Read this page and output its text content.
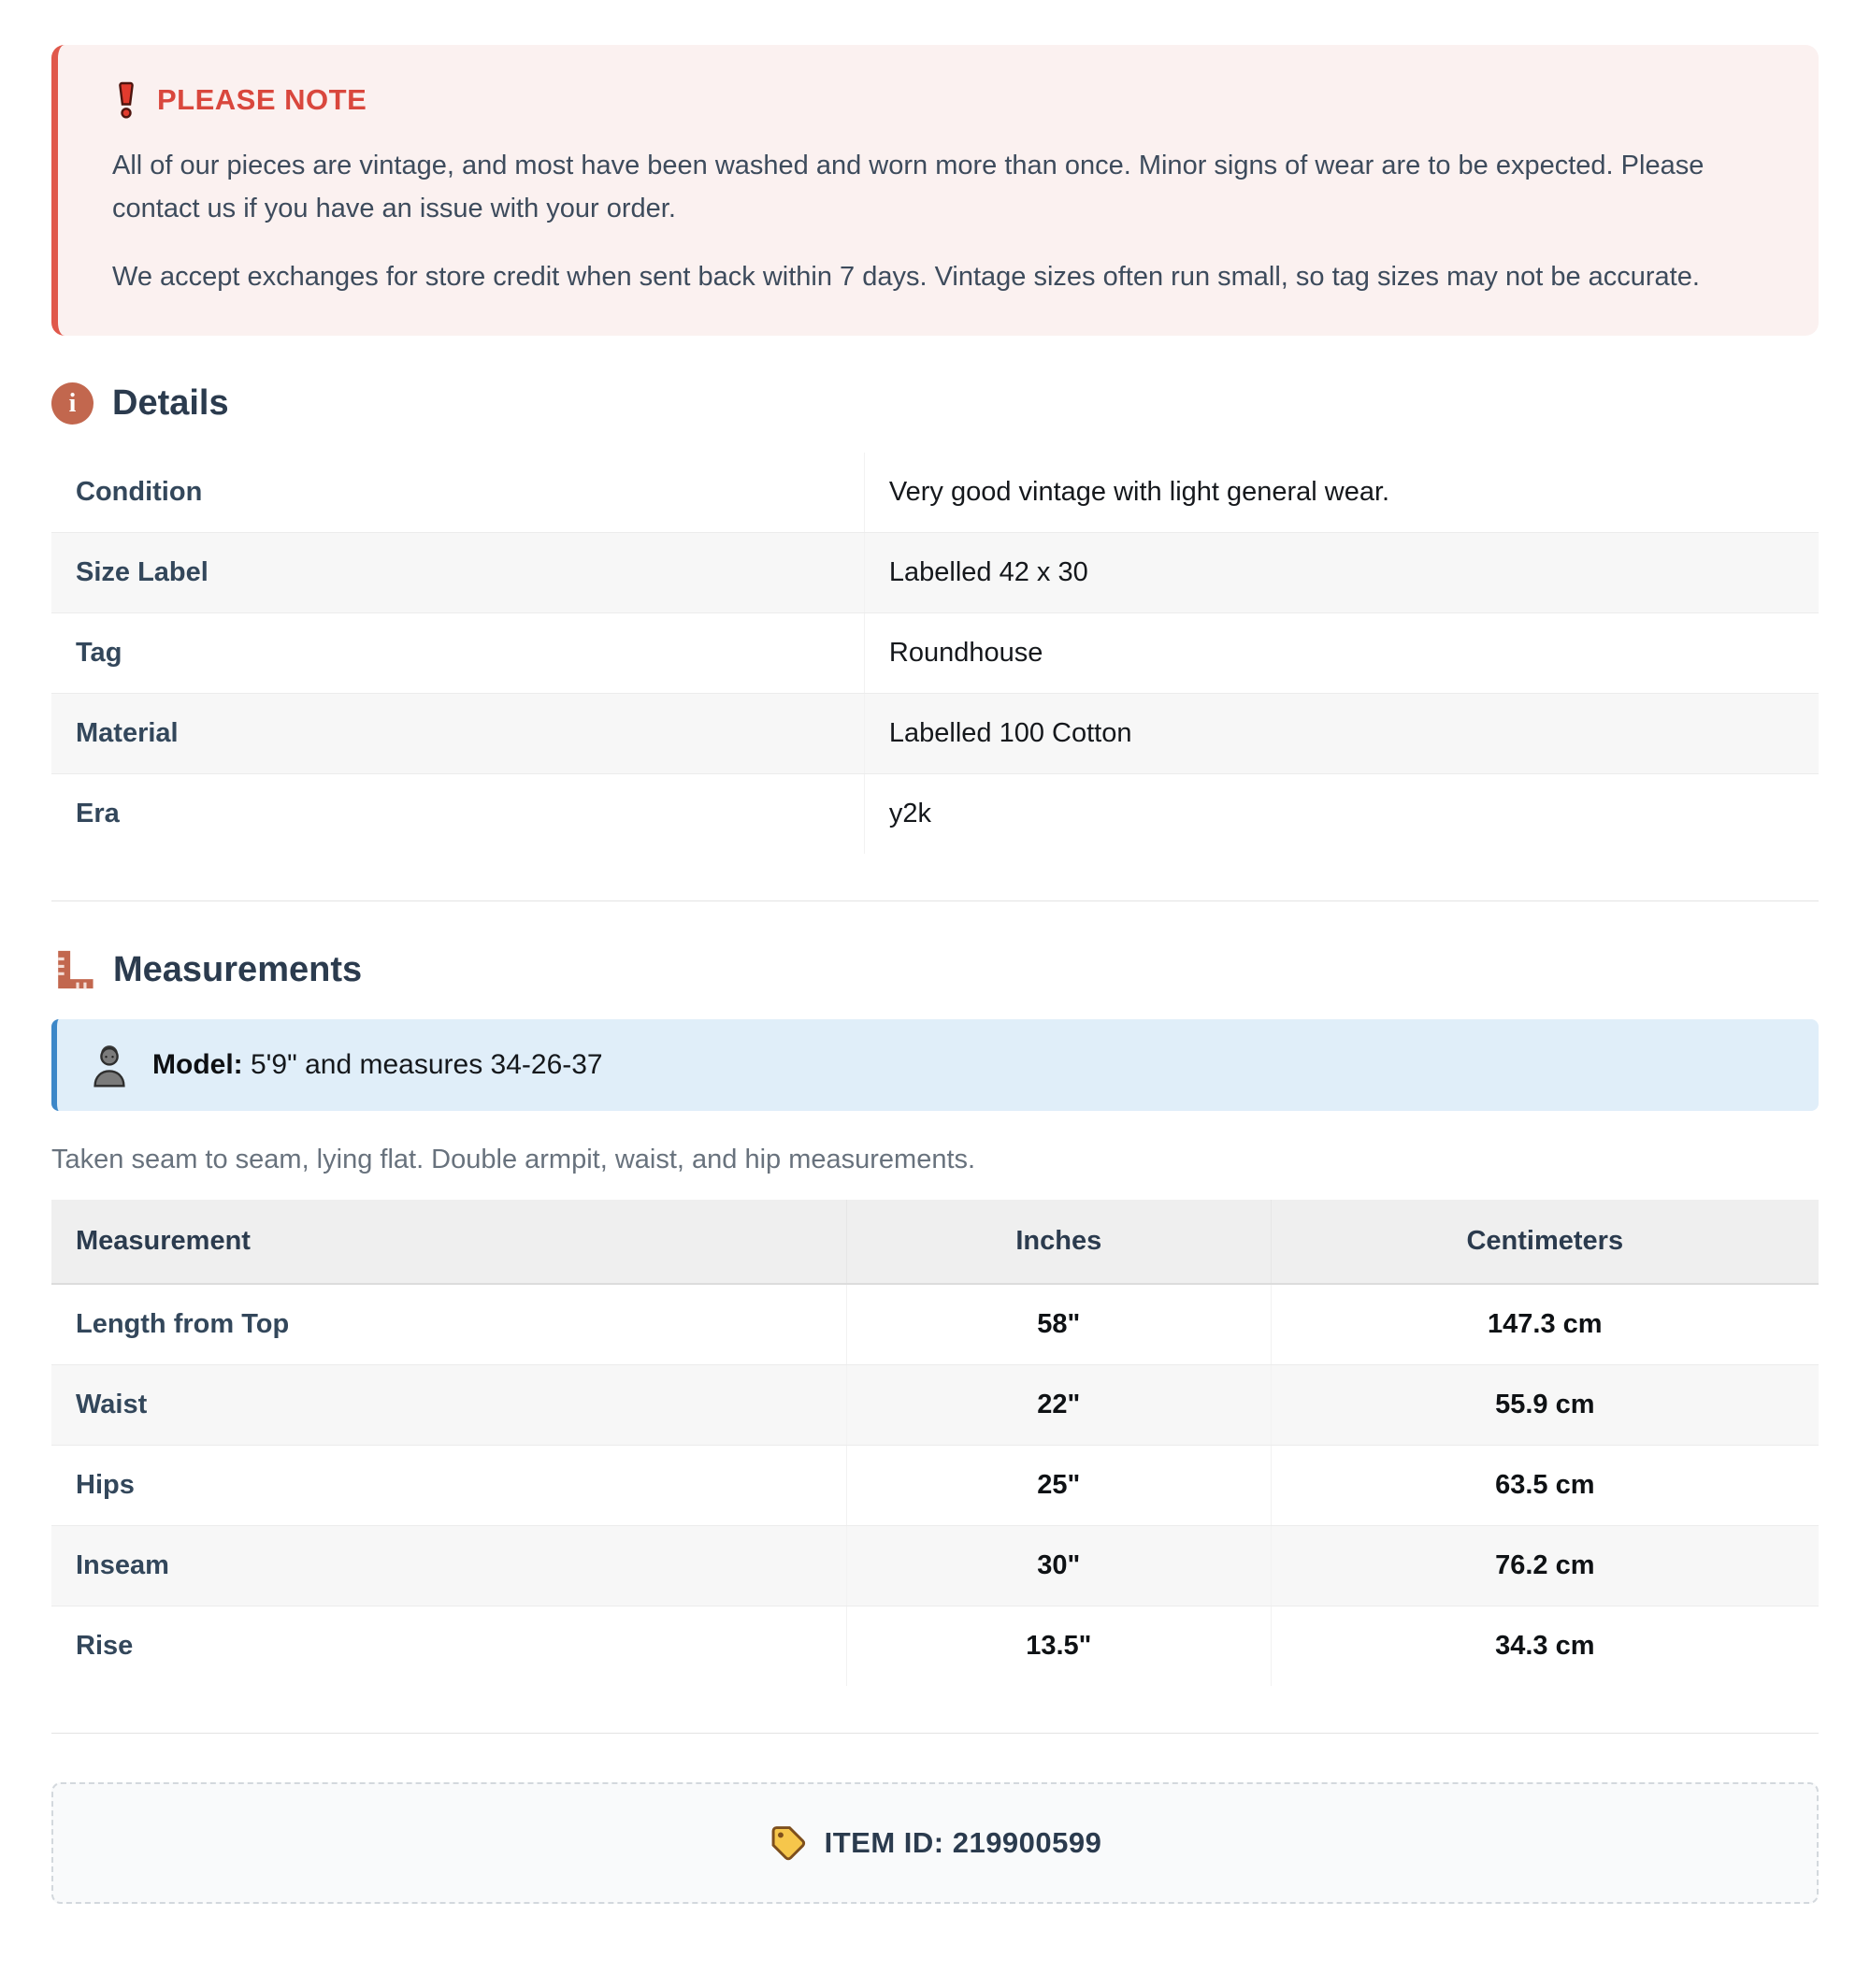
PLEASE NOTE

All of our pieces are vintage, and most have been washed and worn more than once. Minor signs of wear are to be expected. Please contact us if you have an issue with your order.

We accept exchanges for store credit when sent back within 7 days. Vintage sizes often run small, so tag sizes may not be accurate.

i	Details
Condition	Very good vintage with light general wear.
Size Label	Labelled 42 x 30
Tag	Roundhouse
Material	Labelled 100 Cotton
Era	y2k
Measurements

Model: 5'9" and measures 34-26-37

Taken seam to seam, lying flat. Double armpit, waist, and hip measurements.

Measurement	Inches	Centimeters
Length from Top	58"	147.3 cm
Waist	22"	55.9 cm
Hips	25"	63.5 cm
Inseam	30"	76.2 cm
Rise	13.5"	34.3 cm
ITEM ID: 219900599
